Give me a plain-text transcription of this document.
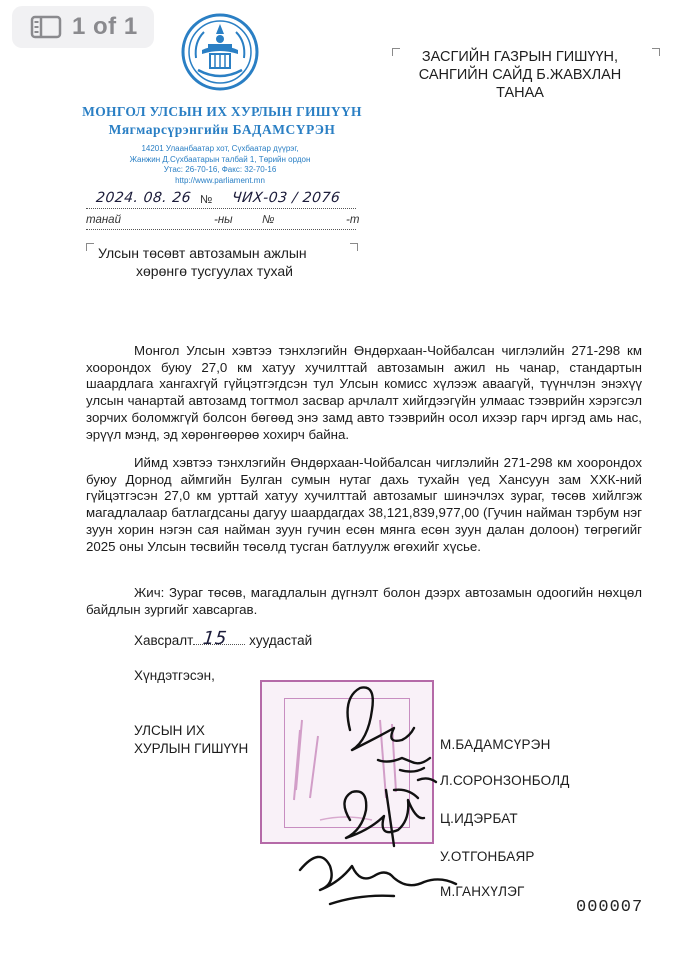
1 of 1
МОНГОЛ УЛСЫН ИХ ХУРЛЫН ГИШҮҮН
Мягмарсүрэнгийн БАДАМСҮРЭН
14201 Улаанбаатар хот, Сүхбаатар дүүрэг,
Жанжин Д.Сүхбаатарын талбай 1, Төрийн ордон
Утас: 26-70-16, Факс: 32-70-16
http://www.parliament.mn
ЗАСГИЙН ГАЗРЫН ГИШҮҮН,
САНГИЙН САЙД Б.ЖАВХЛАН
ТАНАА
2024. 08. 26 № ЧИХ-03 / 2076
танай	-ны	№	-т
Улсын төсөвт автозамын ажлын
хөрөнгө тусгуулах тухай
Монгол Улсын хэвтээ тэнхлэгийн Өндөрхаан-Чойбалсан чиглэлийн 271-298 км хоорондох буюу 27,0 км хатуу хучилттай автозамын ажил нь чанар, стандартын шаардлага хангахгүй гүйцэтгэгдсэн тул Улсын комисс хүлээж аваагүй, түүнчлэн энэхүү улсын чанартай автозамд тогтмол засвар арчлалт хийгдээгүйн улмаас тээврийн хэрэгсэл зорчих боломжгүй болсон бөгөөд энэ замд авто тээврийн осол ихээр гарч иргэд амь нас, эрүүл мэнд, эд хөрөнгөөрөө хохирч байна.
Иймд хэвтээ тэнхлэгийн Өндөрхаан-Чойбалсан чиглэлийн 271-298 км хоорондох буюу Дорнод аймгийн Булган сумын нутаг дахь тухайн үед Хансуун зам ХХК-ний гүйцэтгэсэн 27,0 км урттай хатуу хучилттай автозамыг шинэчлэх зураг, төсөв хийлгэж магадлалаар батлагдсаны дагуу шаардагдах 38,121,839,977,00 (Гучин найман тэрбум нэг зуун хорин нэгэн сая найман зуун гучин есөн мянга есөн зуун далан долоон) төгрөгийг 2025 оны Улсын төсвийн төсөлд тусган батлуулж өгөхийг хүсье.
Жич: Зураг төсөв, магадлалын дүгнэлт болон дээрх автозамын одоогийн нөхцөл байдлын зургийг хавсаргав.
Хавсралт 15 хуудастай
Хүндэтгэсэн,
УЛСЫН ИХ
ХУРЛЫН ГИШҮҮН	М.БАДАМСҮРЭН
Л.СОРОНЗОНБОЛД
Ц.ИДЭРБАТ
У.ОТГОНБАЯР
М.ГАНХҮЛЭГ
000007
